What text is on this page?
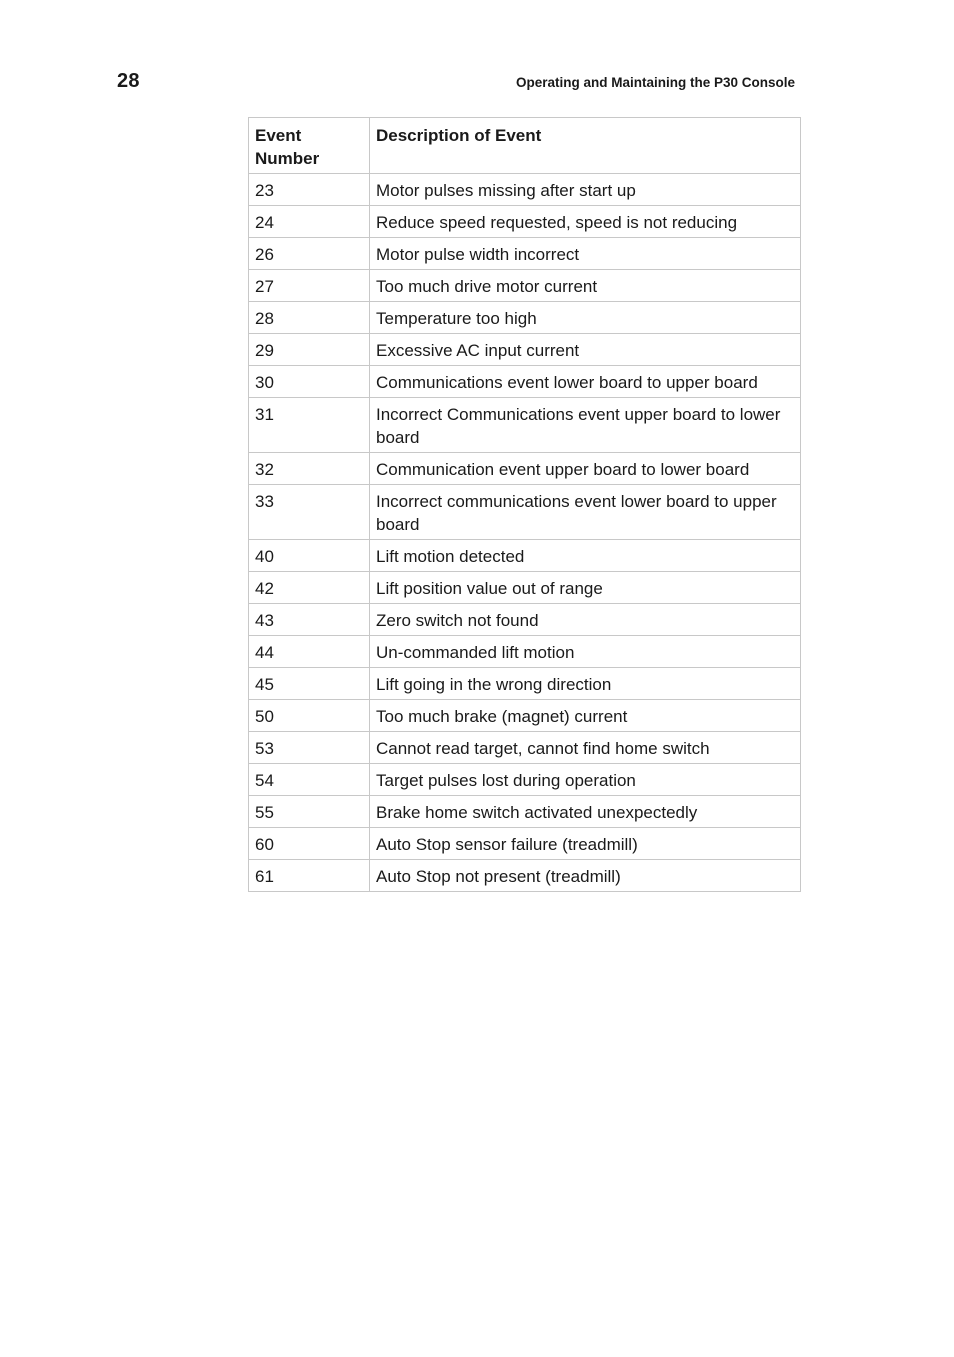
28	Operating and Maintaining the P30 Console
Event Number	Description of Event
23	Motor pulses missing after start up
24	Reduce speed requested, speed is not reducing
26	Motor pulse width incorrect
27	Too much drive motor current
28	Temperature too high
29	Excessive AC input current
30	Communications event lower board to upper board
31	Incorrect Communications event upper board to lower board
32	Communication event upper board to lower board
33	Incorrect communications event lower board to upper board
40	Lift motion detected
42	Lift position value out of range
43	Zero switch not found
44	Un-commanded lift motion
45	Lift going in the wrong direction
50	Too much brake (magnet) current
53	Cannot read target, cannot find home switch
54	Target pulses lost during operation
55	Brake home switch activated unexpectedly
60	Auto Stop sensor failure (treadmill)
61	Auto Stop not present (treadmill)
